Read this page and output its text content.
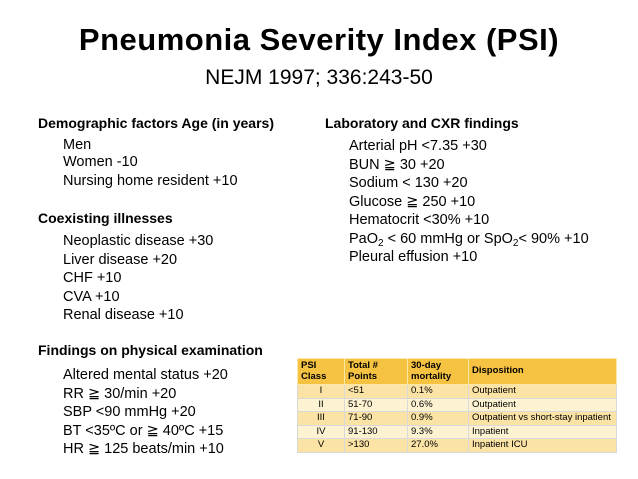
Pneumonia Severity Index (PSI)
NEJM 1997; 336:243-50
Demographic factors Age (in years)
Men
Women -10
Nursing home resident +10
Coexisting illnesses
Neoplastic disease +30
Liver disease +20
CHF +10
CVA +10
Renal disease +10
Findings on physical examination
Altered mental status +20
RR ≧ 30/min +20
SBP <90 mmHg +20
BT <35ºC or ≧ 40ºC +15
HR ≧ 125 beats/min +10
Laboratory and CXR findings
Arterial pH <7.35 +30
BUN ≧ 30 +20
Sodium < 130 +20
Glucose ≧ 250 +10
Hematocrit <30% +10
PaO$_2$ < 60 mmHg or SpO$_2$< 90% +10
Pleural effusion +10
PSI Class	Total # Points	30-day mortality	Disposition
I	<51	0.1%	Outpatient
II	51-70	0.6%	Outpatient
III	71-90	0.9%	Outpatient vs short-stay inpatient
IV	91-130	9.3%	Inpatient
V	>130	27.0%	Inpatient ICU
